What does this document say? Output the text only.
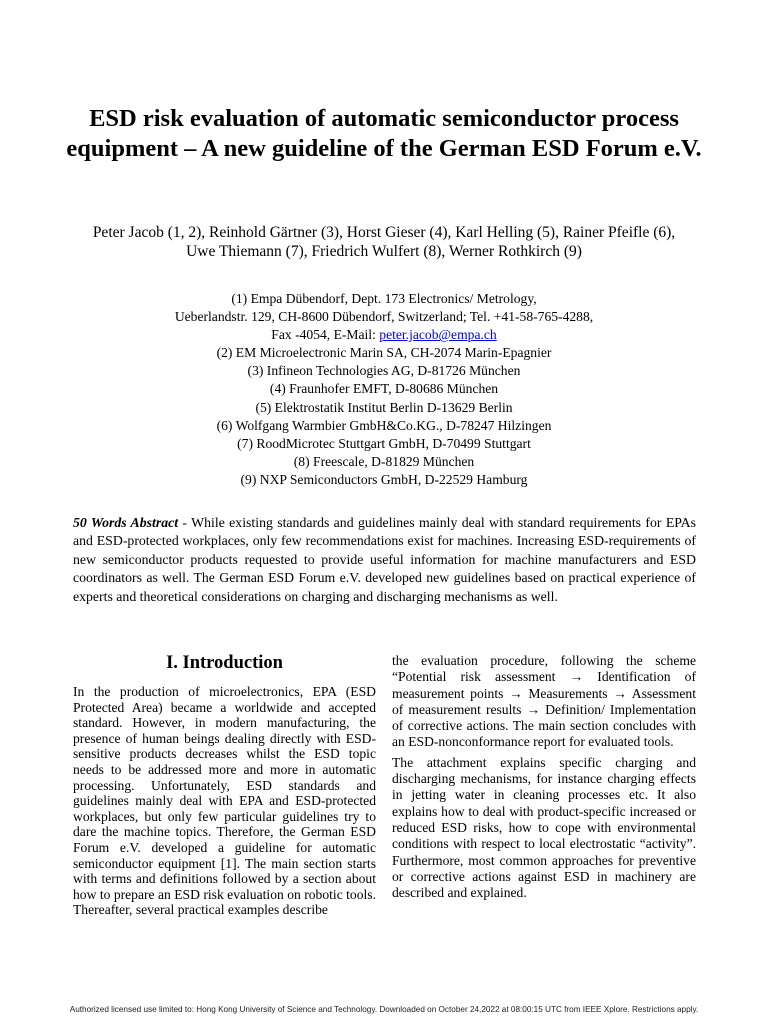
ESD risk evaluation of automatic semiconductor process equipment – A new guideline of the German ESD Forum e.V.
Peter Jacob (1, 2), Reinhold Gärtner (3), Horst Gieser (4), Karl Helling (5), Rainer Pfeifle (6),
Uwe Thiemann (7), Friedrich Wulfert (8), Werner Rothkirch (9)
(1) Empa Dübendorf, Dept. 173 Electronics/ Metrology,
Ueberlandstr. 129, CH-8600 Dübendorf, Switzerland; Tel. +41-58-765-4288,
Fax -4054, E-Mail: peter.jacob@empa.ch
(2) EM Microelectronic Marin SA, CH-2074 Marin-Epagnier
(3) Infineon Technologies AG, D-81726 München
(4) Fraunhofer EMFT, D-80686 München
(5) Elektrostatik Institut Berlin D-13629 Berlin
(6) Wolfgang Warmbier GmbH&Co.KG., D-78247 Hilzingen
(7) RoodMicrotec Stuttgart GmbH, D-70499 Stuttgart
(8) Freescale, D-81829 München
(9) NXP Semiconductors GmbH, D-22529 Hamburg
50 Words Abstract - While existing standards and guidelines mainly deal with standard requirements for EPAs and ESD-protected workplaces, only few recommendations exist for machines. Increasing ESD-requirements of new semiconductor products requested to provide useful information for machine manufacturers and ESD coordinators as well. The German ESD Forum e.V. developed new guidelines based on practical experience of experts and theoretical considerations on charging and discharging mechanisms as well.
I. Introduction

In the production of microelectronics, EPA (ESD Protected Area) became a worldwide and accepted standard. However, in modern manufacturing, the presence of human beings dealing directly with ESD-sensitive products decreases whilst the ESD topic needs to be addressed more and more in automatic processing. Unfortunately, ESD standards and guidelines mainly deal with EPA and ESD-protected workplaces, but only few particular guidelines try to dare the machine topics. Therefore, the German ESD Forum e.V. developed a guideline for automatic semiconductor equipment [1]. The main section starts with terms and definitions followed by a section about how to prepare an ESD risk evaluation on robotic tools. Thereafter, several practical examples describe

the evaluation procedure, following the scheme “Potential risk assessment → Identification of measurement points → Measurements → Assessment of measurement results → Definition/ Implementation of corrective actions. The main section concludes with an ESD-nonconformance report for evaluated tools.

The attachment explains specific charging and discharging mechanisms, for instance charging effects in jetting water in cleaning processes etc. It also explains how to deal with product-specific increased or reduced ESD risks, how to cope with environmental conditions with respect to local electrostatic “activity”. Furthermore, most common approaches for preventive or corrective actions against ESD in machinery are described and explained.

Authorized licensed use limited to: Hong Kong University of Science and Technology. Downloaded on October 24,2022 at 08:00:15 UTC from IEEE Xplore. Restrictions apply.
